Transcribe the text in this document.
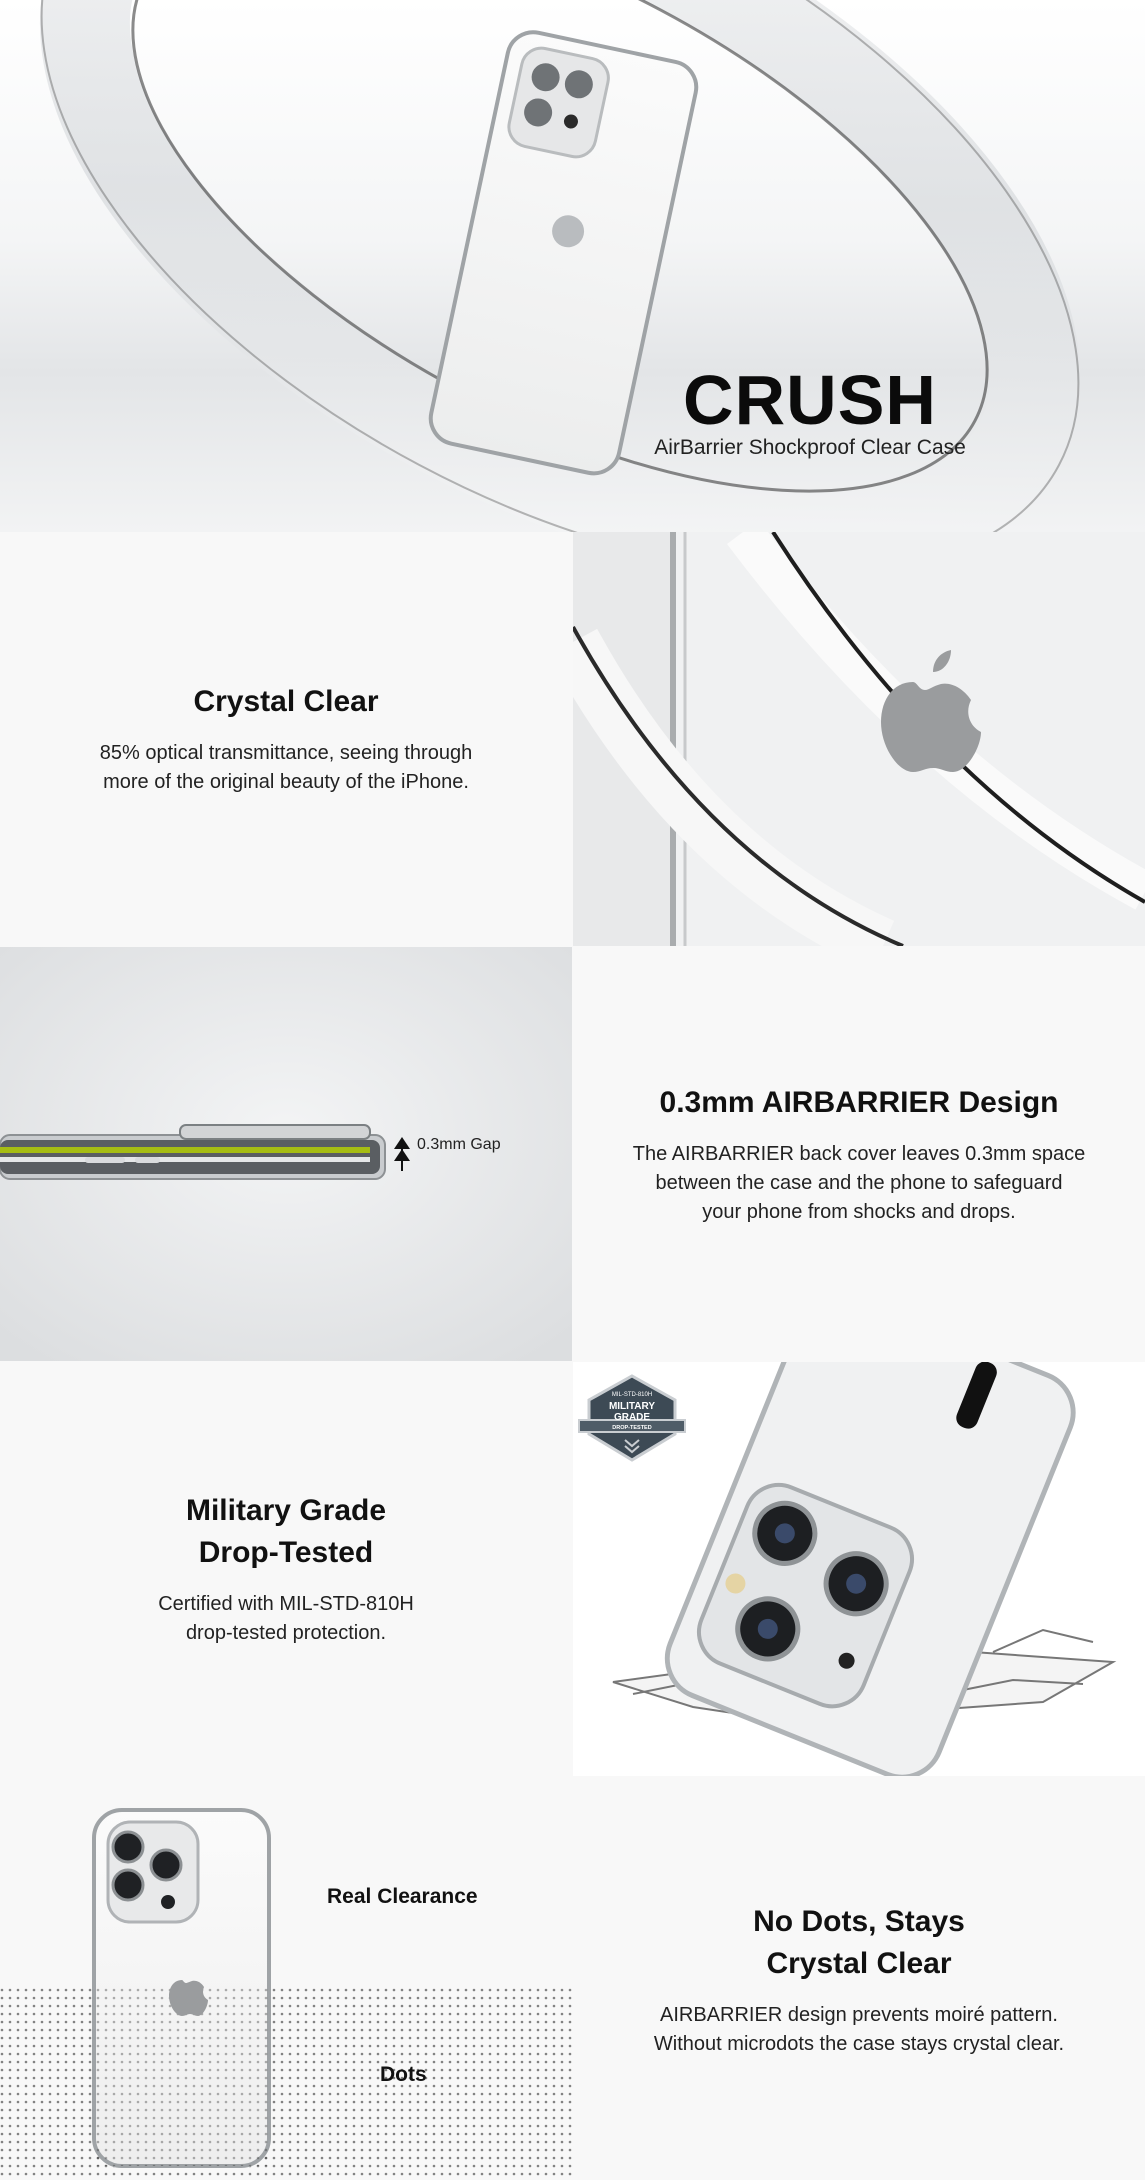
CRUSH
AirBarrier Shockproof Clear Case
Crystal Clear
85% optical transmittance, seeing through
more of the original beauty of the iPhone.
0.3mm Gap
0.3mm AIRBARRIER Design
The AIRBARRIER back cover leaves 0.3mm space
between the case and the phone to safeguard
your phone from shocks and drops.
Military Grade
Drop-Tested
Certified with MIL-STD-810H
drop-tested protection.
MIL-STD-810H
MILITARY
GRADE
DROP-TESTED
Real Clearance
Dots
No Dots, Stays
Crystal Clear
AIRBARRIER design prevents moiré pattern.
Without microdots the case stays crystal clear.
